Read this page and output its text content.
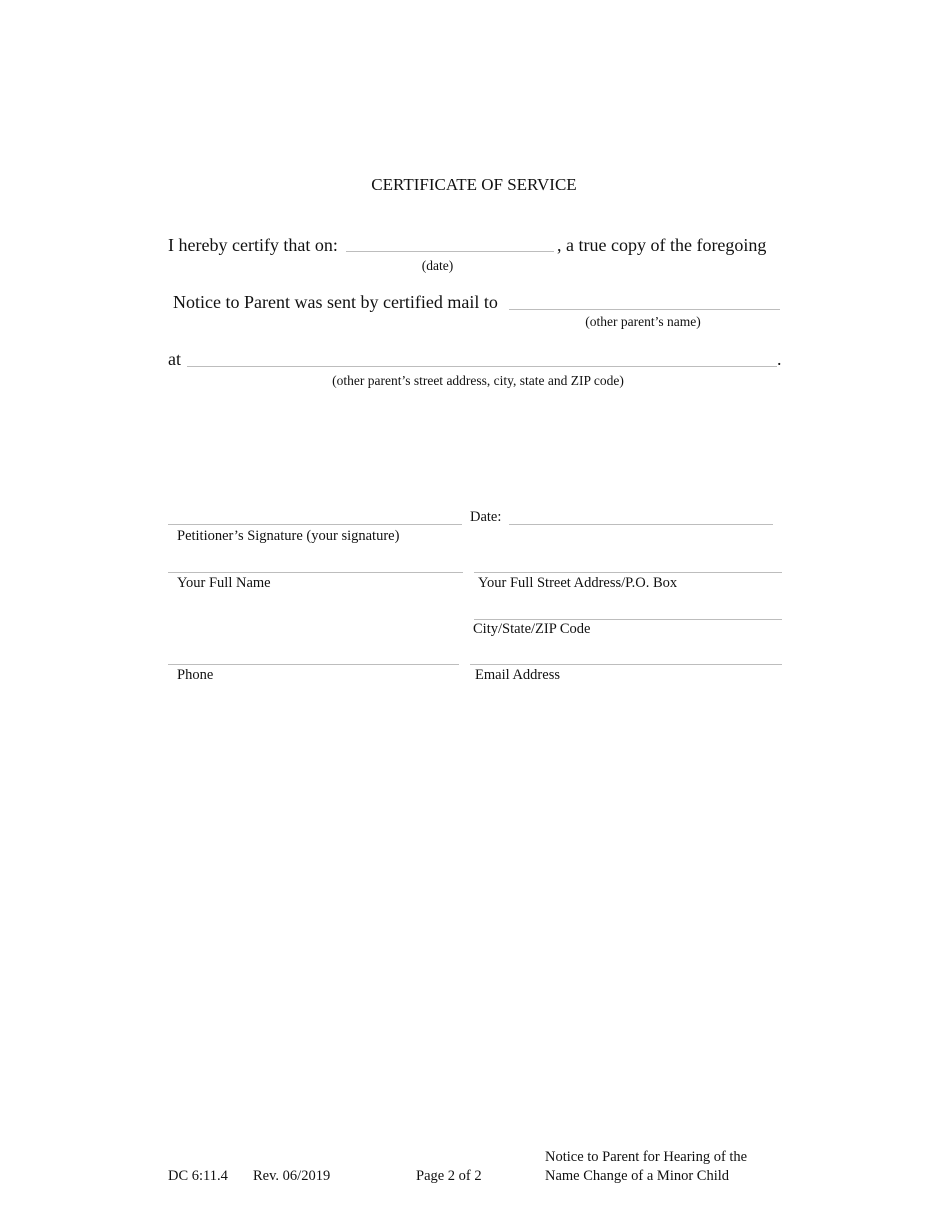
CERTIFICATE OF SERVICE
I hereby certify that on:	, a true copy of the foregoing
(date)
Notice to Parent was sent by certified mail to
(other parent’s name)
at	.
(other parent’s street address, city, state and ZIP code)
Date:
Petitioner’s Signature (your signature)
Your Full Name	Your Full Street Address/P.O. Box
City/State/ZIP Code
Phone	Email Address
DC 6:11.4 Rev. 06/2019	Page 2 of 2
Notice to Parent for Hearing of the
Name Change of a Minor Child
